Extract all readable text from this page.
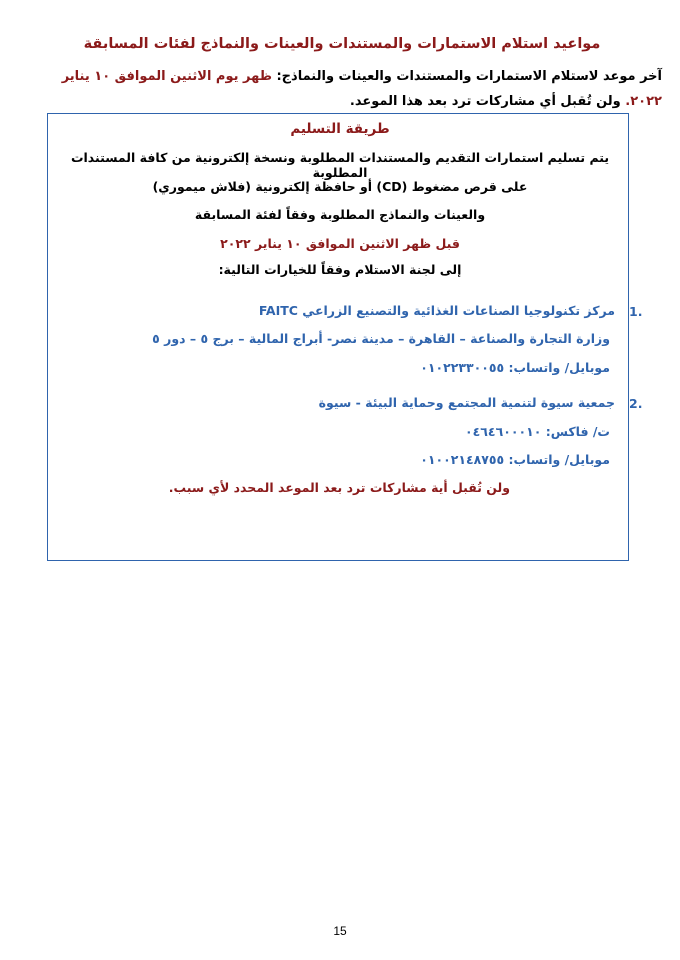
مواعيد استلام الاستمارات والمستندات والعينات والنماذج لفئات المسابقة
آخر موعد لاستلام الاستمارات والمستندات والعينات والنماذج: ظهر يوم الاثنين الموافق ١٠ يناير ٢٠٢٢. ولن تُقبل أي مشاركات ترد بعد هذا الموعد.
طريقة التسليم
يتم تسليم استمارات التقديم والمستندات المطلوبة ونسخة إلكترونية من كافة المستندات المطلوبة
على قرص مضغوط (CD) أو حافظة إلكترونية (فلاش ميموري)
والعينات والنماذج المطلوبة وفقاً لفئة المسابقة
قبل ظهر الاثنين الموافق ١٠ يناير ٢٠٢٢
إلى لجنة الاستلام وفقاً للخيارات التالية:
1.
مركز تكنولوجيا الصناعات الغذائية والتصنيع الزراعي FAITC
وزارة التجارة والصناعة – القاهرة – مدينة نصر- أبراج المالية – برج ٥ – دور ٥
موبايل/ واتساب: ٠١٠٢٢٣٣٠٠٥٥
2.
جمعية سيوة لتنمية المجتمع وحماية البيئة - سيوة
ت/ فاكس: ٠٤٦٤٦٠٠٠١٠
موبايل/ واتساب: ٠١٠٠٢١٤٨٧٥٥
ولن تُقبل أية مشاركات ترد بعد الموعد المحدد لأي سبب.
15
